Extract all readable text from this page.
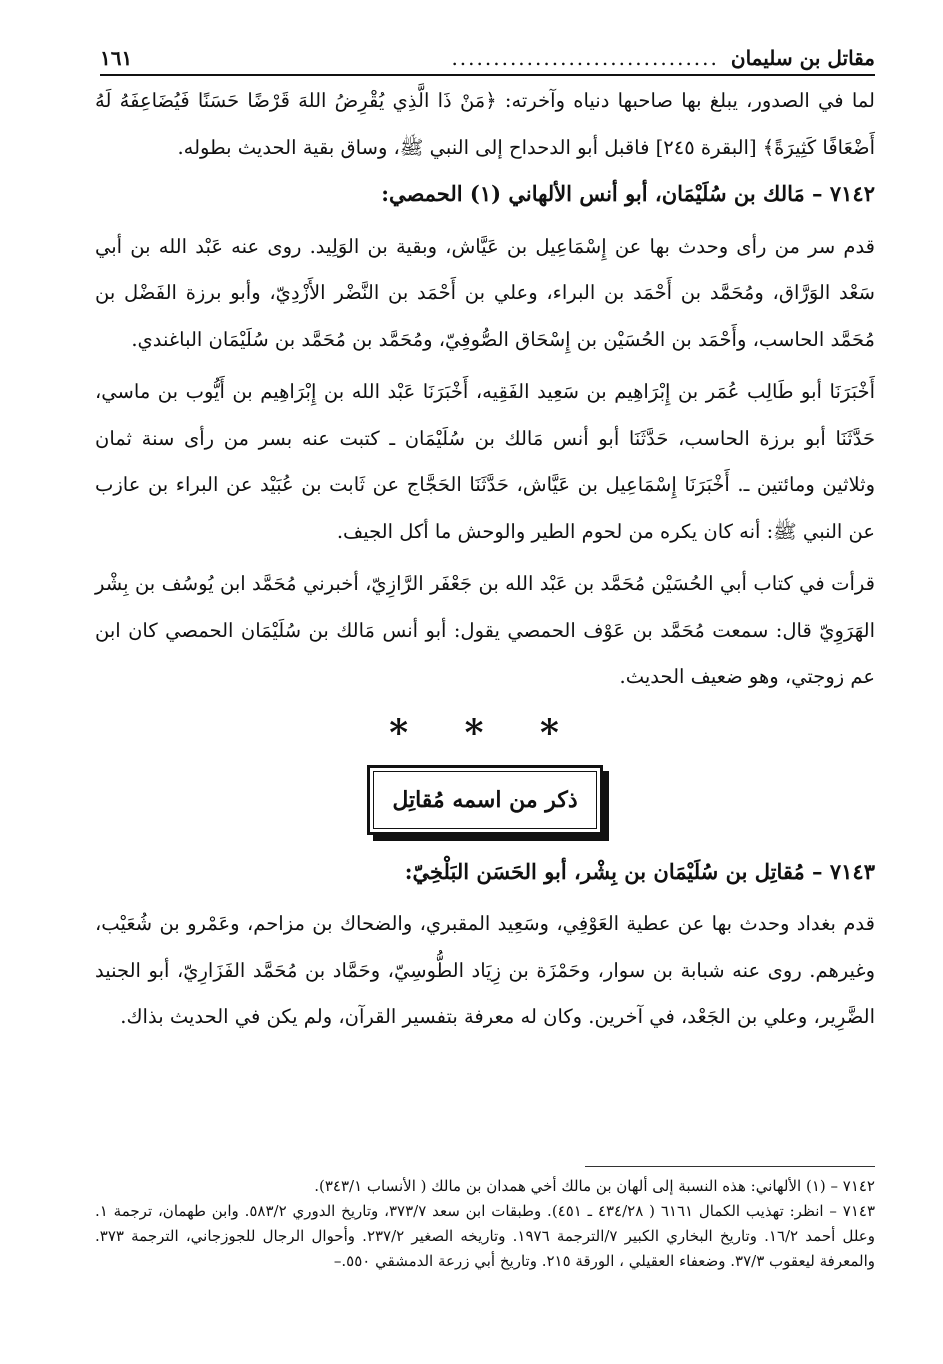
مقاتل بن سليمان
................................
١٦١

لما في الصدور، يبلغ بها صاحبها دنياه وآخرته: ﴿مَنْ ذَا الَّذِي يُقْرِضُ اللهَ قَرْضًا حَسَنًا فَيُضَاعِفَهُ لَهُ أَضْعَافًا كَثِيرَةً﴾ [البقرة ٢٤٥] فاقبل أبو الدحداح إلى النبي ﷺ، وساق بقية الحديث بطوله.

٧١٤٢ – مَالك بن سُلَيْمَان، أبو أنس الألهاني (١) الحمصي:

قدم سر من رأى وحدث بها عن إِسْمَاعِيل بن عَيَّاش، وبقية بن الوَلِيد. روى عنه عَبْد الله بن أبي سَعْد الوَرَّاق، ومُحَمَّد بن أَحْمَد بن البراء، وعلي بن أَحْمَد بن النَّضْر الأَزْدِيّ، وأبو برزة الفَضْل بن مُحَمَّد الحاسب، وأَحْمَد بن الحُسَيْن بن إِسْحَاق الصُّوفِيّ، ومُحَمَّد بن مُحَمَّد بن سُلَيْمَان الباغندي.

أَخْبَرَنَا أبو طَالِب عُمَر بن إِبْرَاهِيم بن سَعِيد الفَقِيه، أَخْبَرَنَا عَبْد الله بن إِبْرَاهِيم بن أَيُّوب بن ماسي، حَدَّثَنَا أبو برزة الحاسب، حَدَّثَنَا أبو أنس مَالك بن سُلَيْمَان ـ كتبت عنه بسر من رأى سنة ثمان وثلاثين ومائتين ـ. أَخْبَرَنَا إِسْمَاعِيل بن عَيَّاش، حَدَّثَنَا الحَجَّاج عن ثَابت بن عُبَيْد عن البراء بن عازب عن النبي ﷺ: أنه كان يكره من لحوم الطير والوحش ما أكل الجيف.

قرأت في كتاب أبي الحُسَيْن مُحَمَّد بن عَبْد الله بن جَعْفَر الرَّازِيّ، أخبرني مُحَمَّد ابن يُوسُف بن بِشْر الهَرَوِيّ قال: سمعت مُحَمَّد بن عَوْف الحمصي يقول: أبو أنس مَالك بن سُلَيْمَان الحمصي كان ابن عم زوجتي، وهو ضعيف الحديث.

* * *
ذكر من اسمه مُقاتِل

٧١٤٣ – مُقاتِل بن سُلَيْمَان بن بِشْر، أبو الحَسَن البَلْخِيّ:

قدم بغداد وحدث بها عن عطية العَوْفِي، وسَعِيد المقبري، والضحاك بن مزاحم، وعَمْرو بن شُعَيْب، وغيرهم. روى عنه شبابة بن سوار، وحَمْزَة بن زِيَاد الطُّوسِيّ، وحَمَّاد بن مُحَمَّد الفَزَارِيّ، أبو الجنيد الضَّرِير، وعلي بن الجَعْد، في آخرين. وكان له معرفة بتفسير القرآن، ولم يكن في الحديث بذاك.

٧١٤٢ – (١) الألهاني: هذه النسبة إلى ألهان بن مالك أخي همدان بن مالك ( الأنساب ٣٤٣/١).

٧١٤٣ – انظر: تهذيب الكمال ٦١٦١ ( ٤٣٤/٢٨ ـ ٤٥١). وطبقات ابن سعد ٣٧٣/٧، وتاريخ الدوري ٥٨٣/٢. وابن طهمان، ترجمة ١. وعلل أحمد ١٦/٢. وتاريخ البخاري الكبير ٧/الترجمة ١٩٧٦. وتاريخه الصغير ٢٣٧/٢. وأحوال الرجال للجوزجاني، الترجمة ٣٧٣. والمعرفة ليعقوب ٣٧/٣. وضعفاء العقيلي ، الورقة ٢١٥. وتاريخ أبي زرعة الدمشقي ٥٥٠.–
